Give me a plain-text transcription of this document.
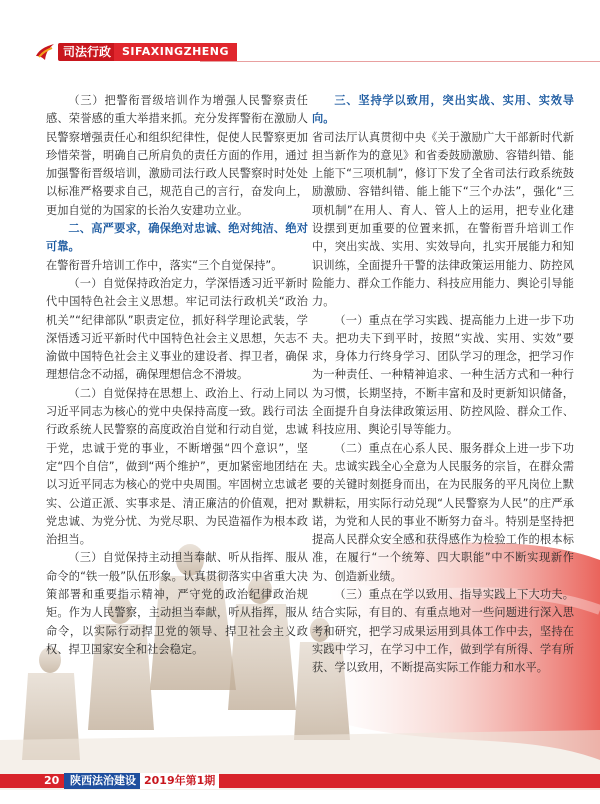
司法行政 SIFAXINGZHENG

（三）把警衔晋级培训作为增强人民警察责任感、荣誉感的重大举措来抓。充分发挥警衔在激励人民警察增强责任心和组织纪律性，促使人民警察更加珍惜荣誉，明确自己所肩负的责任方面的作用，通过加强警衔晋级培训，激励司法行政人民警察时时处处以标准严格要求自己，规范自己的言行，奋发向上，更加自觉的为国家的长治久安建功立业。

二、高严要求，确保绝对忠诚、绝对纯洁、绝对可靠。

在警衔晋升培训工作中，落实“三个自觉保持”。

（一）自觉保持政治定力，学深悟透习近平新时代中国特色社会主义思想。牢记司法行政机关“政治机关”“纪律部队”职责定位，抓好科学理论武装，学深悟透习近平新时代中国特色社会主义思想，矢志不渝做中国特色社会主义事业的建设者、捍卫者，确保理想信念不动摇，确保理想信念不滑坡。

（二）自觉保持在思想上、政治上、行动上同以习近平同志为核心的党中央保持高度一致。践行司法行政系统人民警察的高度政治自觉和行动自觉，忠诚于党，忠诚于党的事业，不断增强“四个意识”，坚定“四个自信”，做到“两个维护”，更加紧密地团结在以习近平同志为核心的党中央周围。牢固树立忠诚老实、公道正派、实事求是、清正廉洁的价值观，把对党忠诚、为党分忧、为党尽职、为民造福作为根本政治担当。

（三）自觉保持主动担当奉献、听从指挥、服从命令的“铁一般”队伍形象。认真贯彻落实中省重大决策部署和重要指示精神，严守党的政治纪律政治规矩。作为人民警察，主动担当奉献，听从指挥，服从命令，以实际行动捍卫党的领导、捍卫社会主义政权、捍卫国家安全和社会稳定。

三、坚持学以致用，突出实战、实用、实效导向。

省司法厅认真贯彻中央《关于激励广大干部新时代新担当新作为的意见》和省委鼓励激励、容错纠错、能上能下“三项机制”，修订下发了全省司法行政系统鼓励激励、容错纠错、能上能下“三个办法”，强化“三项机制”在用人、育人、管人上的运用，把专业化建设摆到更加重要的位置来抓，在警衔晋升培训工作中，突出实战、实用、实效导向，扎实开展能力和知识训练，全面提升干警的法律政策运用能力、防控风险能力、群众工作能力、科技应用能力、舆论引导能力。

（一）重点在学习实践、提高能力上进一步下功夫。把功夫下到平时，按照“实战、实用、实效”要求，身体力行终身学习、团队学习的理念，把学习作为一种责任、一种精神追求、一种生活方式和一种行为习惯，长期坚持，不断丰富和及时更新知识储备，全面提升自身法律政策运用、防控风险、群众工作、科技应用、舆论引导等能力。

（二）重点在心系人民、服务群众上进一步下功夫。忠诚实践全心全意为人民服务的宗旨，在群众需要的关键时刻挺身而出，在为民服务的平凡岗位上默默耕耘，用实际行动兑现“人民警察为人民”的庄严承诺，为党和人民的事业不断努力奋斗。特别是坚持把提高人民群众安全感和获得感作为检验工作的根本标准，在履行“一个统筹、四大职能”中不断实现新作为、创造新业绩。

（三）重点在学以致用、指导实践上下大功夫。结合实际，有目的、有重点地对一些问题进行深入思考和研究，把学习成果运用到具体工作中去，坚持在实践中学习，在学习中工作，做到学有所得、学有所获、学以致用，不断提高实际工作能力和水平。

20 陕西法治建设 2019年第1期
